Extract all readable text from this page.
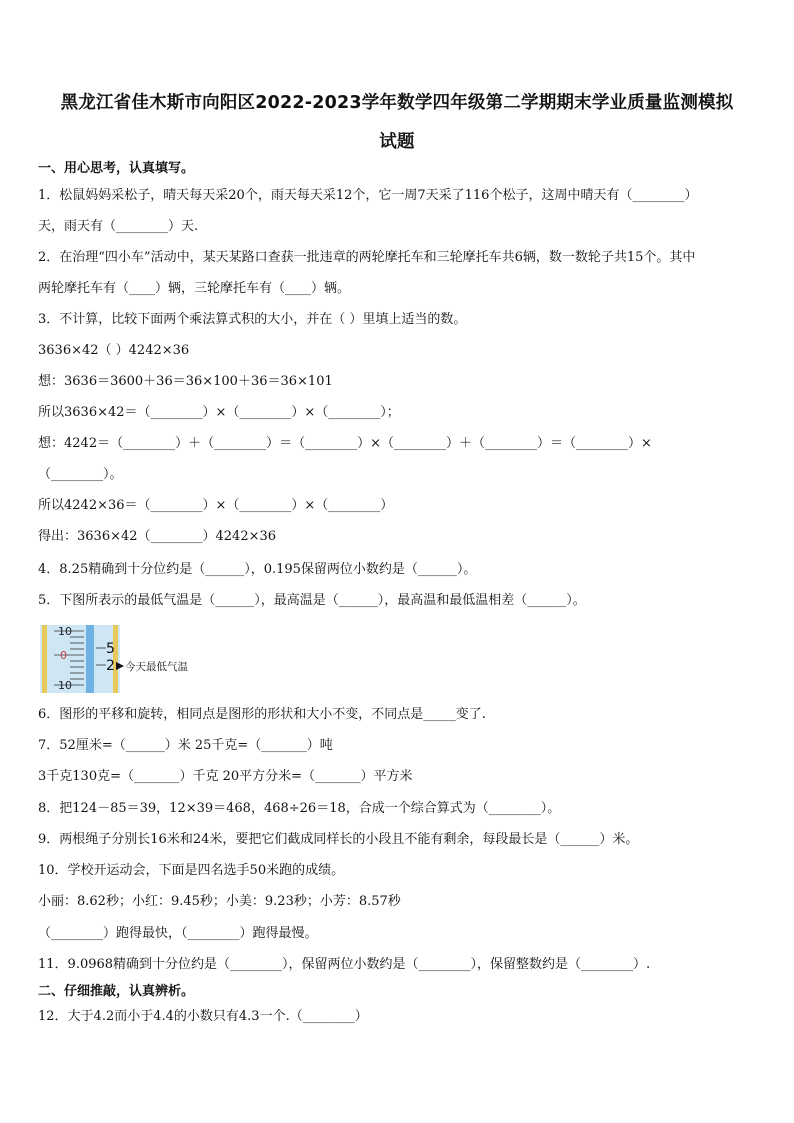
黑龙江省佳木斯市向阳区2022-2023学年数学四年级第二学期期末学业质量监测模拟
试题
一、用心思考，认真填写。
1．松鼠妈妈采松子，晴天每天采20个，雨天每天采12个，它一周7天采了116个松子，这周中晴天有（________）
天，雨天有（________）天.
2．在治理“四小车”活动中，某天某路口查获一批违章的两轮摩托车和三轮摩托车共6辆，数一数轮子共15个。其中
两轮摩托车有（____）辆，三轮摩托车有（____）辆。
3．不计算，比较下面两个乘法算式积的大小，并在（ ）里填上适当的数。
3636×42（ ）4242×36
想：3636＝3600＋36＝36×100＋36＝36×101
所以3636×42＝（________）×（________）×（________）；
想：4242＝（________）＋（________）＝（________）×（________）＋（________）＝（________）×
（________）。
所以4242×36＝（________）×（________）×（________）
得出：3636×42（________）4242×36
4．8.25精确到十分位约是（______），0.195保留两位小数约是（______）。
5．下图所表示的最低气温是（______），最高温是（______），最高温和最低温相差（______）。
10
0
10
5
2 今天最低气温
6．图形的平移和旋转，相同点是图形的形状和大小不变，不同点是_____变了.
7．52厘米=（______）米 25千克=（_______）吨
3千克130克=（_______）千克 20平方分米=（_______）平方米
8．把124－85＝39，12×39＝468，468÷26＝18，合成一个综合算式为（________）。
9．两根绳子分别长16米和24米，要把它们截成同样长的小段且不能有剩余，每段最长是（______）米。
10．学校开运动会，下面是四名选手50米跑的成绩。
小丽：8.62秒；小红：9.45秒；小美：9.23秒；小芳：8.57秒
（________）跑得最快，（________）跑得最慢。
11．9.0968精确到十分位约是（________），保留两位小数约是（________），保留整数约是（________）.
二、仔细推敲，认真辨析。
12．大于4.2而小于4.4的小数只有4.3一个.（________）
